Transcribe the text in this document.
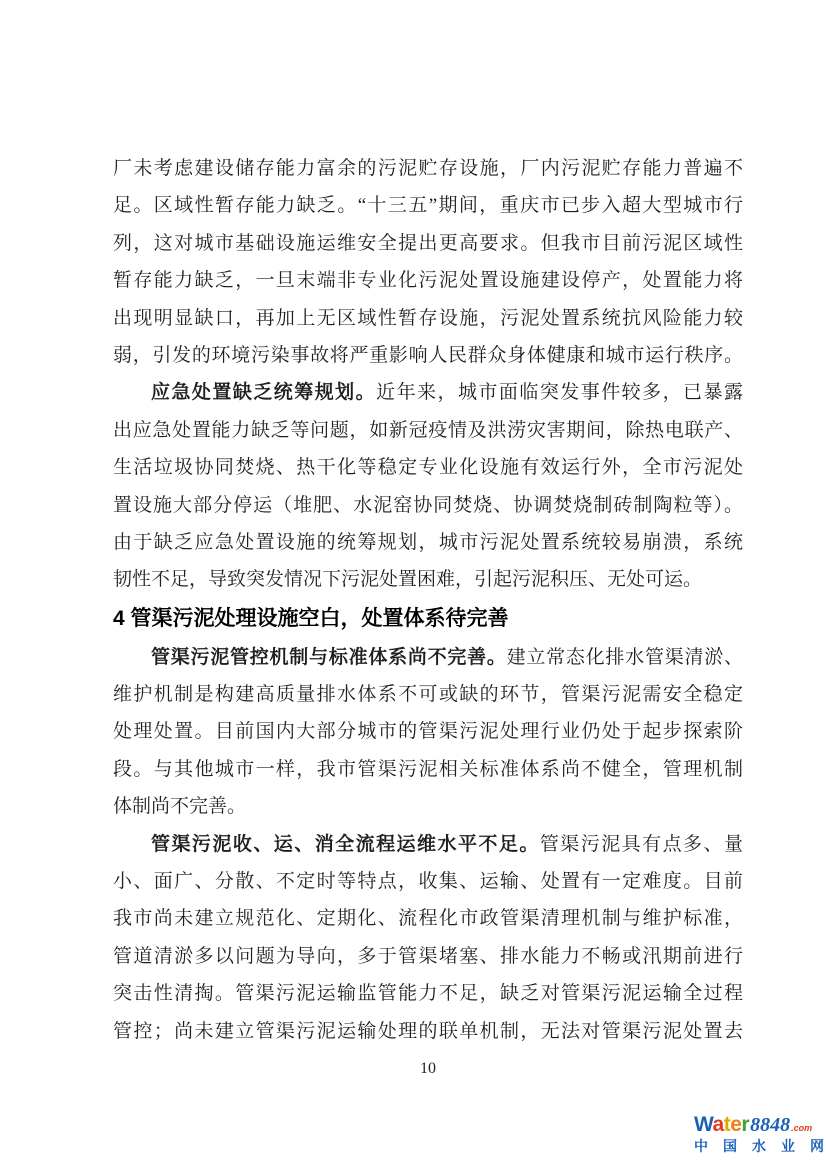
厂未考虑建设储存能力富余的污泥贮存设施，厂内污泥贮存能力普遍不
足。区域性暂存能力缺乏。“十三五”期间，重庆市已步入超大型城市行
列，这对城市基础设施运维安全提出更高要求。但我市目前污泥区域性
暂存能力缺乏，一旦末端非专业化污泥处置设施建设停产，处置能力将
出现明显缺口，再加上无区域性暂存设施，污泥处置系统抗风险能力较
弱，引发的环境污染事故将严重影响人民群众身体健康和城市运行秩序。
应急处置缺乏统筹规划。近年来，城市面临突发事件较多，已暴露
出应急处置能力缺乏等问题，如新冠疫情及洪涝灾害期间，除热电联产、
生活垃圾协同焚烧、热干化等稳定专业化设施有效运行外，全市污泥处
置设施大部分停运（堆肥、水泥窑协同焚烧、协调焚烧制砖制陶粒等）。
由于缺乏应急处置设施的统筹规划，城市污泥处置系统较易崩溃，系统
韧性不足，导致突发情况下污泥处置困难，引起污泥积压、无处可运。
4 管渠污泥处理设施空白，处置体系待完善
管渠污泥管控机制与标准体系尚不完善。建立常态化排水管渠清淤、
维护机制是构建高质量排水体系不可或缺的环节，管渠污泥需安全稳定
处理处置。目前国内大部分城市的管渠污泥处理行业仍处于起步探索阶
段。与其他城市一样，我市管渠污泥相关标准体系尚不健全，管理机制
体制尚不完善。
管渠污泥收、运、消全流程运维水平不足。管渠污泥具有点多、量
小、面广、分散、不定时等特点，收集、运输、处置有一定难度。目前
我市尚未建立规范化、定期化、流程化市政管渠清理机制与维护标准，
管道清淤多以问题为导向，多于管渠堵塞、排水能力不畅或汛期前进行
突击性清掏。管渠污泥运输监管能力不足，缺乏对管渠污泥运输全过程
管控；尚未建立管渠污泥运输处理的联单机制，无法对管渠污泥处置去
10
Water 8848 .com
中 国 水 业 网
